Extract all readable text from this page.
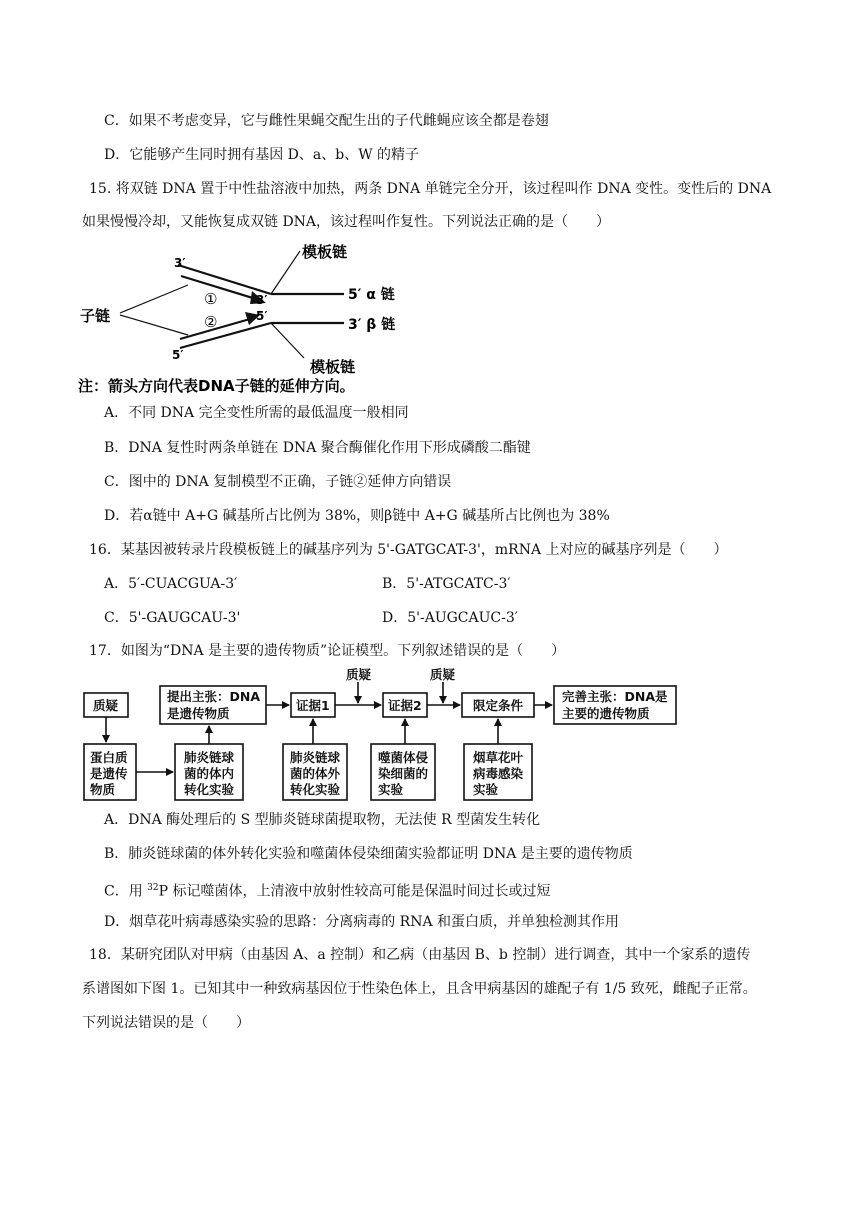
C．如果不考虑变异，它与雌性果蝇交配生出的子代雌蝇应该全都是卷翅
D．它能够产生同时拥有基因 D、a、b、W 的精子
15. 将双链 DNA 置于中性盐溶液中加热，两条 DNA 单链完全分开，该过程叫作 DNA 变性。变性后的 DNA
如果慢慢冷却，又能恢复成双链 DNA，该过程叫作复性。下列说法正确的是（　　）
模板链
模板链
子链
5′ α 链
3′ β 链
3′
3′
5′
5′
①
②
注：箭头方向代表DNA子链的延伸方向。
A．不同 DNA 完全变性所需的最低温度一般相同
B．DNA 复性时两条单链在 DNA 聚合酶催化作用下形成磷酸二酯键
C．图中的 DNA 复制模型不正确，子链②延伸方向错误
D．若α链中 A+G 碱基所占比例为 38%，则β链中 A+G 碱基所占比例也为 38%
16．某基因被转录片段模板链上的碱基序列为 5'-GATGCAT-3'，mRNA 上对应的碱基序列是（　　）
A．5′-CUACGUA-3′	B．5'-ATGCATC-3′
C．5'-GAUGCAU-3'	D．5'-AUGCAUC-3′
17．如图为“DNA 是主要的遗传物质”论证模型。下列叙述错误的是（　　）
质疑	质疑
质疑
提出主张：DNA
是遗传物质
证据1	证据2	限定条件
完善主张：DNA是
主要的遗传物质
蛋白质
是遗传
物质
肺炎链球
菌的体内
转化实验
肺炎链球
菌的体外
转化实验
噬菌体侵
染细菌的
实验
烟草花叶
病毒感染
实验
A．DNA 酶处理后的 S 型肺炎链球菌提取物，无法使 R 型菌发生转化
B．肺炎链球菌的体外转化实验和噬菌体侵染细菌实验都证明 DNA 是主要的遗传物质
C．用 $^{32}$P 标记噬菌体，上清液中放射性较高可能是保温时间过长或过短
D．烟草花叶病毒感染实验的思路：分离病毒的 RNA 和蛋白质，并单独检测其作用
18．某研究团队对甲病（由基因 A、a 控制）和乙病（由基因 B、b 控制）进行调查，其中一个家系的遗传
系谱图如下图 1。已知其中一种致病基因位于性染色体上，且含甲病基因的雄配子有 1/5 致死，雌配子正常。
下列说法错误的是（　　）
